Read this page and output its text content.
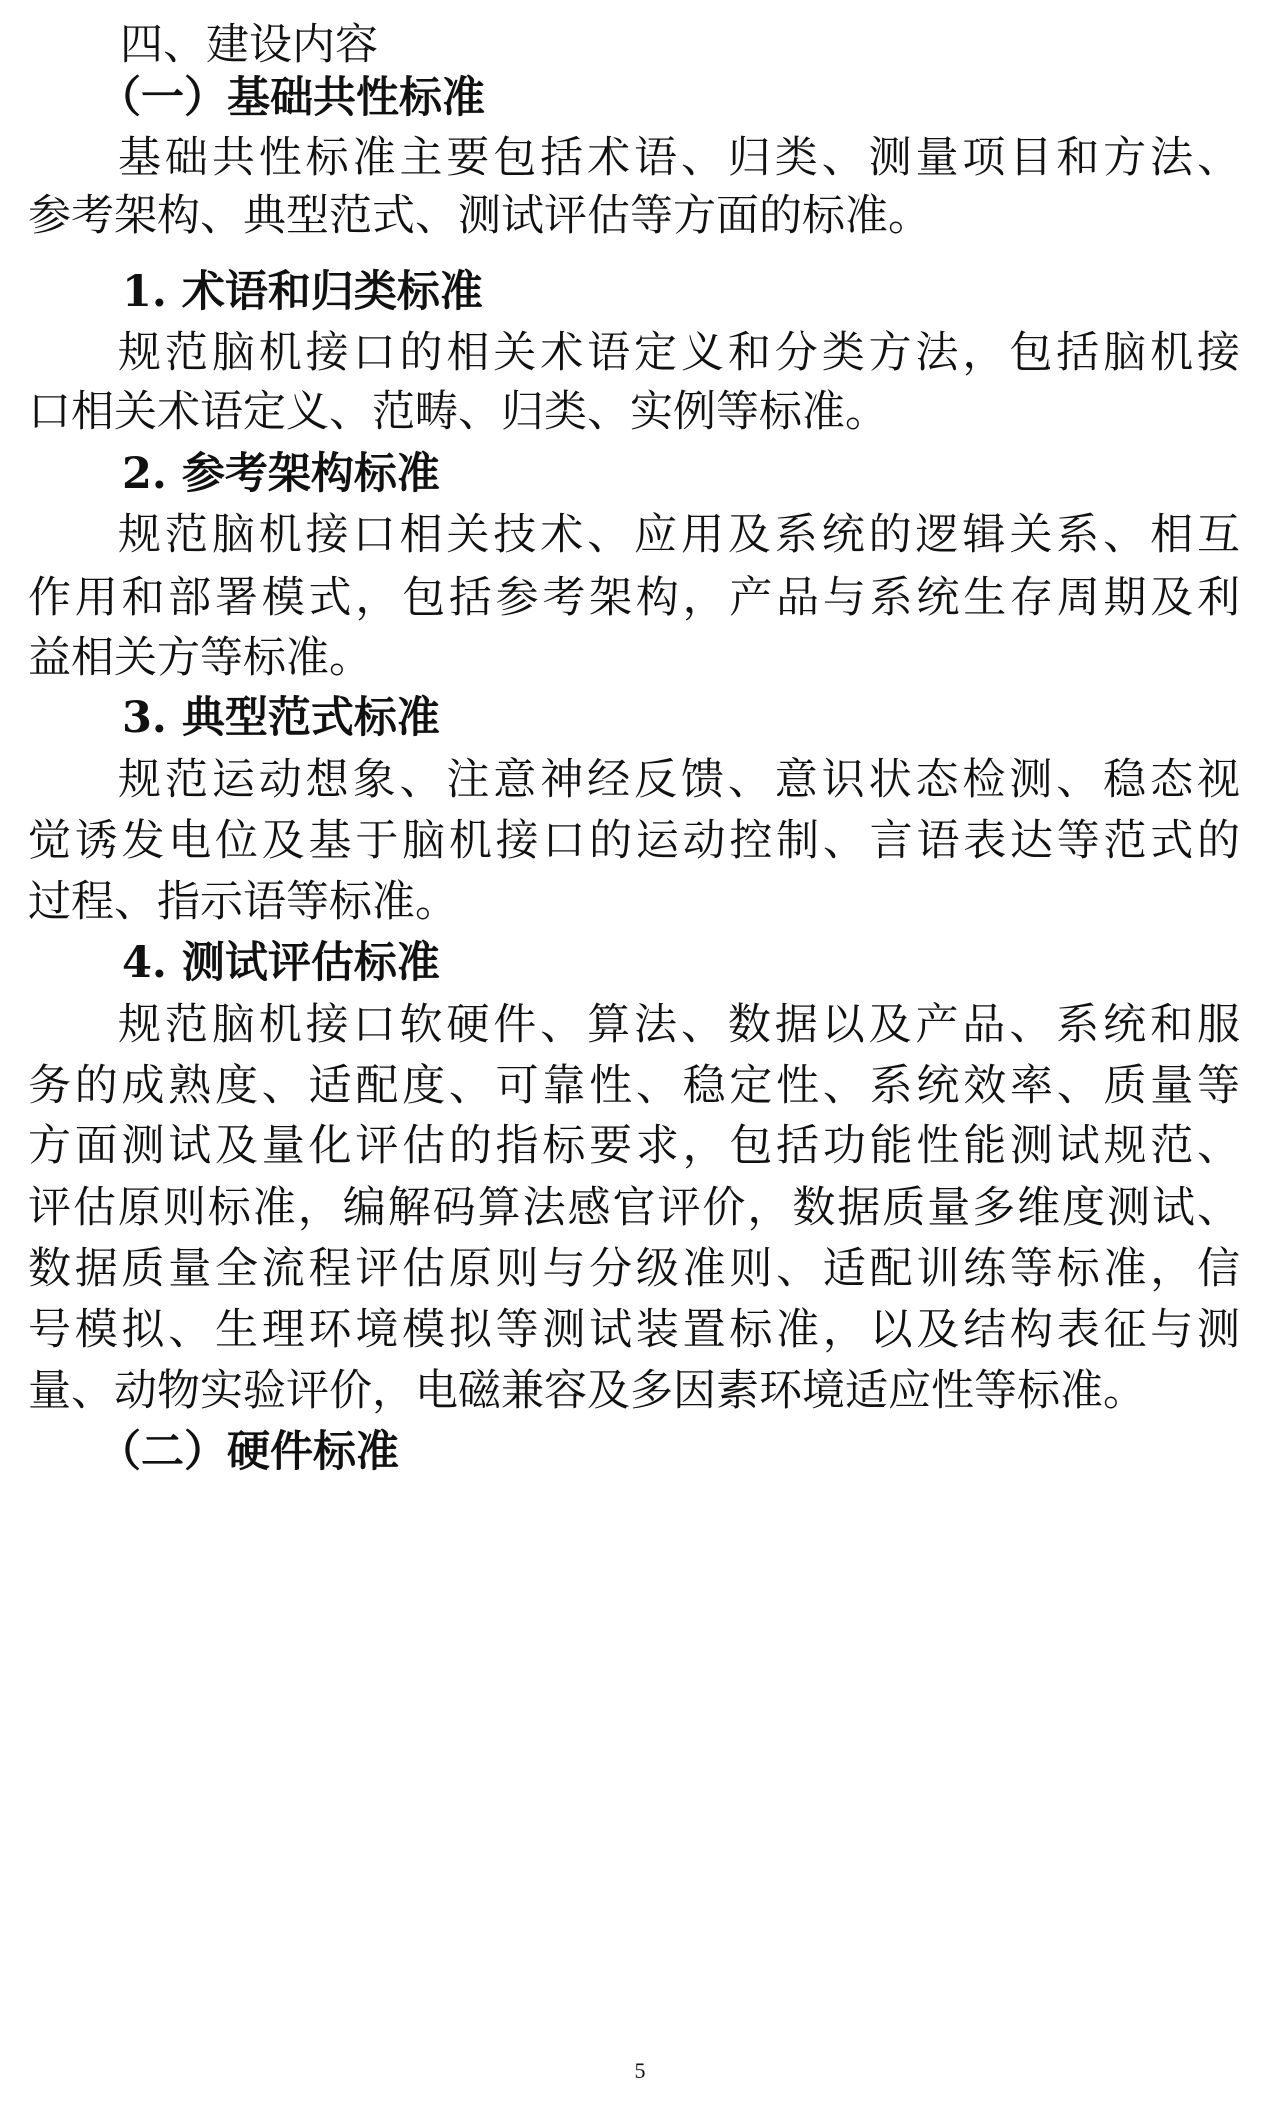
四、建设内容
（一）基础共性标准
基础共性标准主要包括术语、归类、测量项目和方法、
参考架构、典型范式、测试评估等方面的标准。
1. 术语和归类标准
规范脑机接口的相关术语定义和分类方法，包括脑机接
口相关术语定义、范畴、归类、实例等标准。
2. 参考架构标准
规范脑机接口相关技术、应用及系统的逻辑关系、相互
作用和部署模式，包括参考架构，产品与系统生存周期及利
益相关方等标准。
3. 典型范式标准
规范运动想象、注意神经反馈、意识状态检测、稳态视
觉诱发电位及基于脑机接口的运动控制、言语表达等范式的
过程、指示语等标准。
4. 测试评估标准
规范脑机接口软硬件、算法、数据以及产品、系统和服
务的成熟度、适配度、可靠性、稳定性、系统效率、质量等
方面测试及量化评估的指标要求，包括功能性能测试规范、
评估原则标准，编解码算法感官评价，数据质量多维度测试、
数据质量全流程评估原则与分级准则、适配训练等标准，信
号模拟、生理环境模拟等测试装置标准，以及结构表征与测
量、动物实验评价，电磁兼容及多因素环境适应性等标准。
（二）硬件标准
5
